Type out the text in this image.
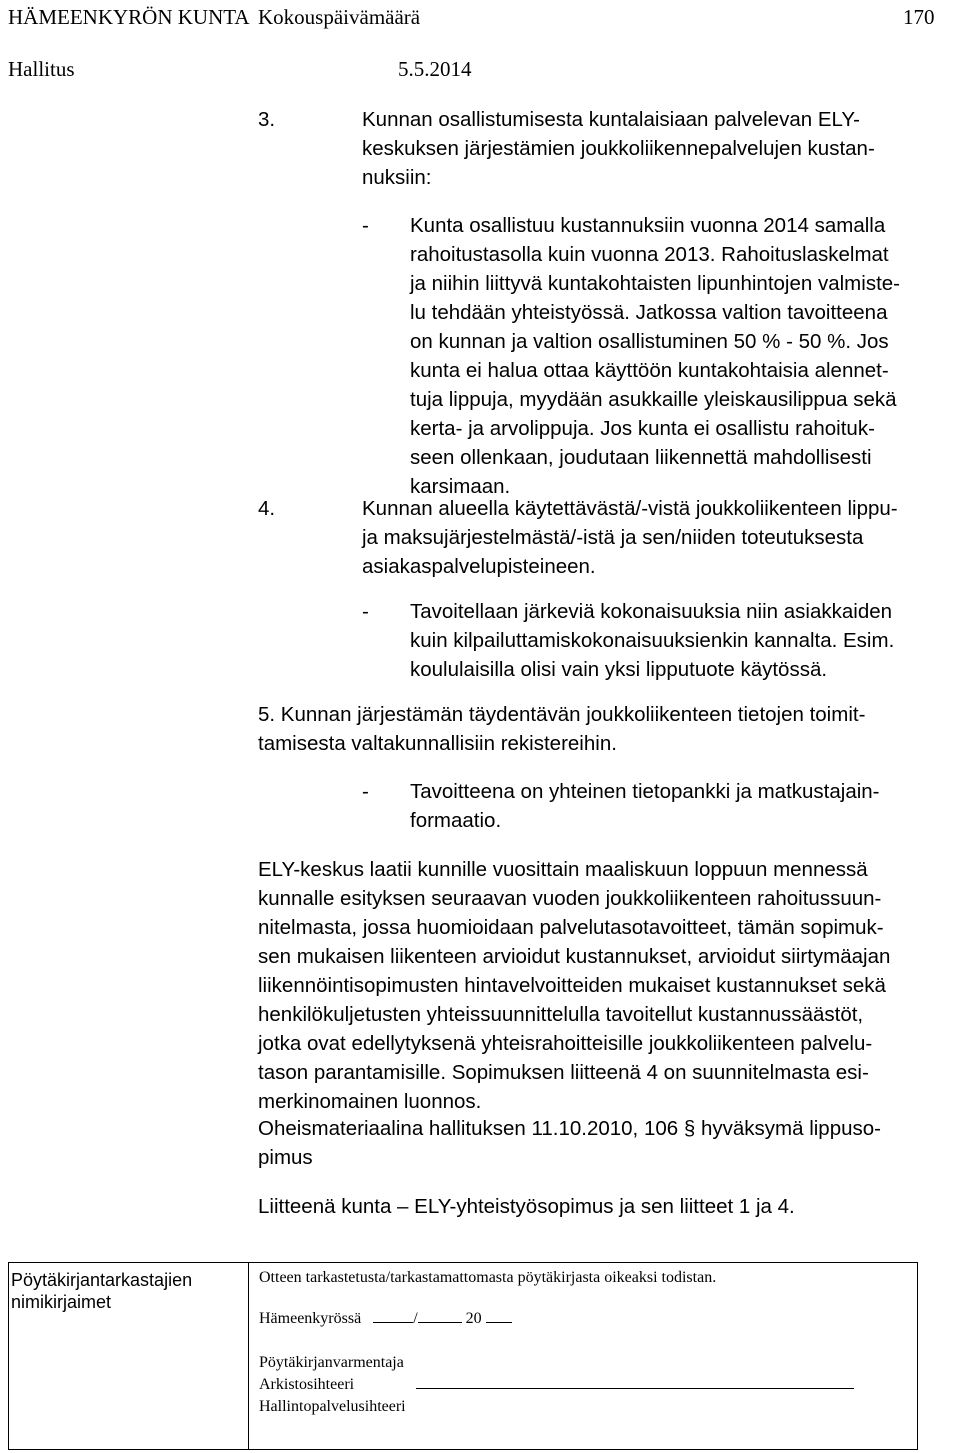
HÄMEENKYRÖN KUNTA Kokouspäivämäärä	170
Hallitus	5.5.2014
3.	Kunnan osallistumisesta kuntalaisiaan palvelevan ELY-
keskuksen järjestämien joukkoliikennepalvelujen kustan-
nuksiin:
- Kunta osallistuu kustannuksiin vuonna 2014 samalla
rahoitustasolla kuin vuonna 2013. Rahoituslaskelmat
ja niihin liittyvä kuntakohtaisten lipunhintojen valmiste-
lu tehdään yhteistyössä. Jatkossa valtion tavoitteena
on kunnan ja valtion osallistuminen 50 % - 50 %. Jos
kunta ei halua ottaa käyttöön kuntakohtaisia alennet-
tuja lippuja, myydään asukkaille yleiskausilippua sekä
kerta- ja arvolippuja. Jos kunta ei osallistu rahoituk-
seen ollenkaan, joudutaan liikennettä mahdollisesti
karsimaan.
4.	Kunnan alueella käytettävästä/-vistä joukkoliikenteen lippu-
ja maksujärjestelmästä/-istä ja sen/niiden toteutuksesta
asiakaspalvelupisteineen.
- Tavoitellaan järkeviä kokonaisuuksia niin asiakkaiden
kuin kilpailuttamiskokonaisuuksienkin kannalta. Esim.
koululaisilla olisi vain yksi lipputuote käytössä.
5. Kunnan järjestämän täydentävän joukkoliikenteen tietojen toimit-
tamisesta valtakunnallisiin rekistereihin.
- Tavoitteena on yhteinen tietopankki ja matkustajain-
formaatio.
ELY-keskus laatii kunnille vuosittain maaliskuun loppuun mennessä
kunnalle esityksen seuraavan vuoden joukkoliikenteen rahoitussuun-
nitelmasta, jossa huomioidaan palvelutasotavoitteet, tämän sopimuk-
sen mukaisen liikenteen arvioidut kustannukset, arvioidut siirtymäajan
liikennöintisopimusten hintavelvoitteiden mukaiset kustannukset sekä
henkilökuljetusten yhteissuunnittelulla tavoitellut kustannussäästöt,
jotka ovat edellytyksenä yhteisrahoitteisille joukkoliikenteen palvelu-
tason parantamisille. Sopimuksen liitteenä 4 on suunnitelmasta esi-
merkinomainen luonnos.
Oheismateriaalina hallituksen 11.10.2010, 106 § hyväksymä lippuso-
pimus
Liitteenä kunta – ELY-yhteistyösopimus ja sen liitteet 1 ja 4.
Pöytäkirjantarkastajien
nimikirjaimet
Otteen tarkastetusta/tarkastamattomasta pöytäkirjasta oikeaksi todistan.
Hämeenkyrössä	/	20
Pöytäkirjanvarmentaja
Arkistosihteeri
Hallintopalvelusihteeri
